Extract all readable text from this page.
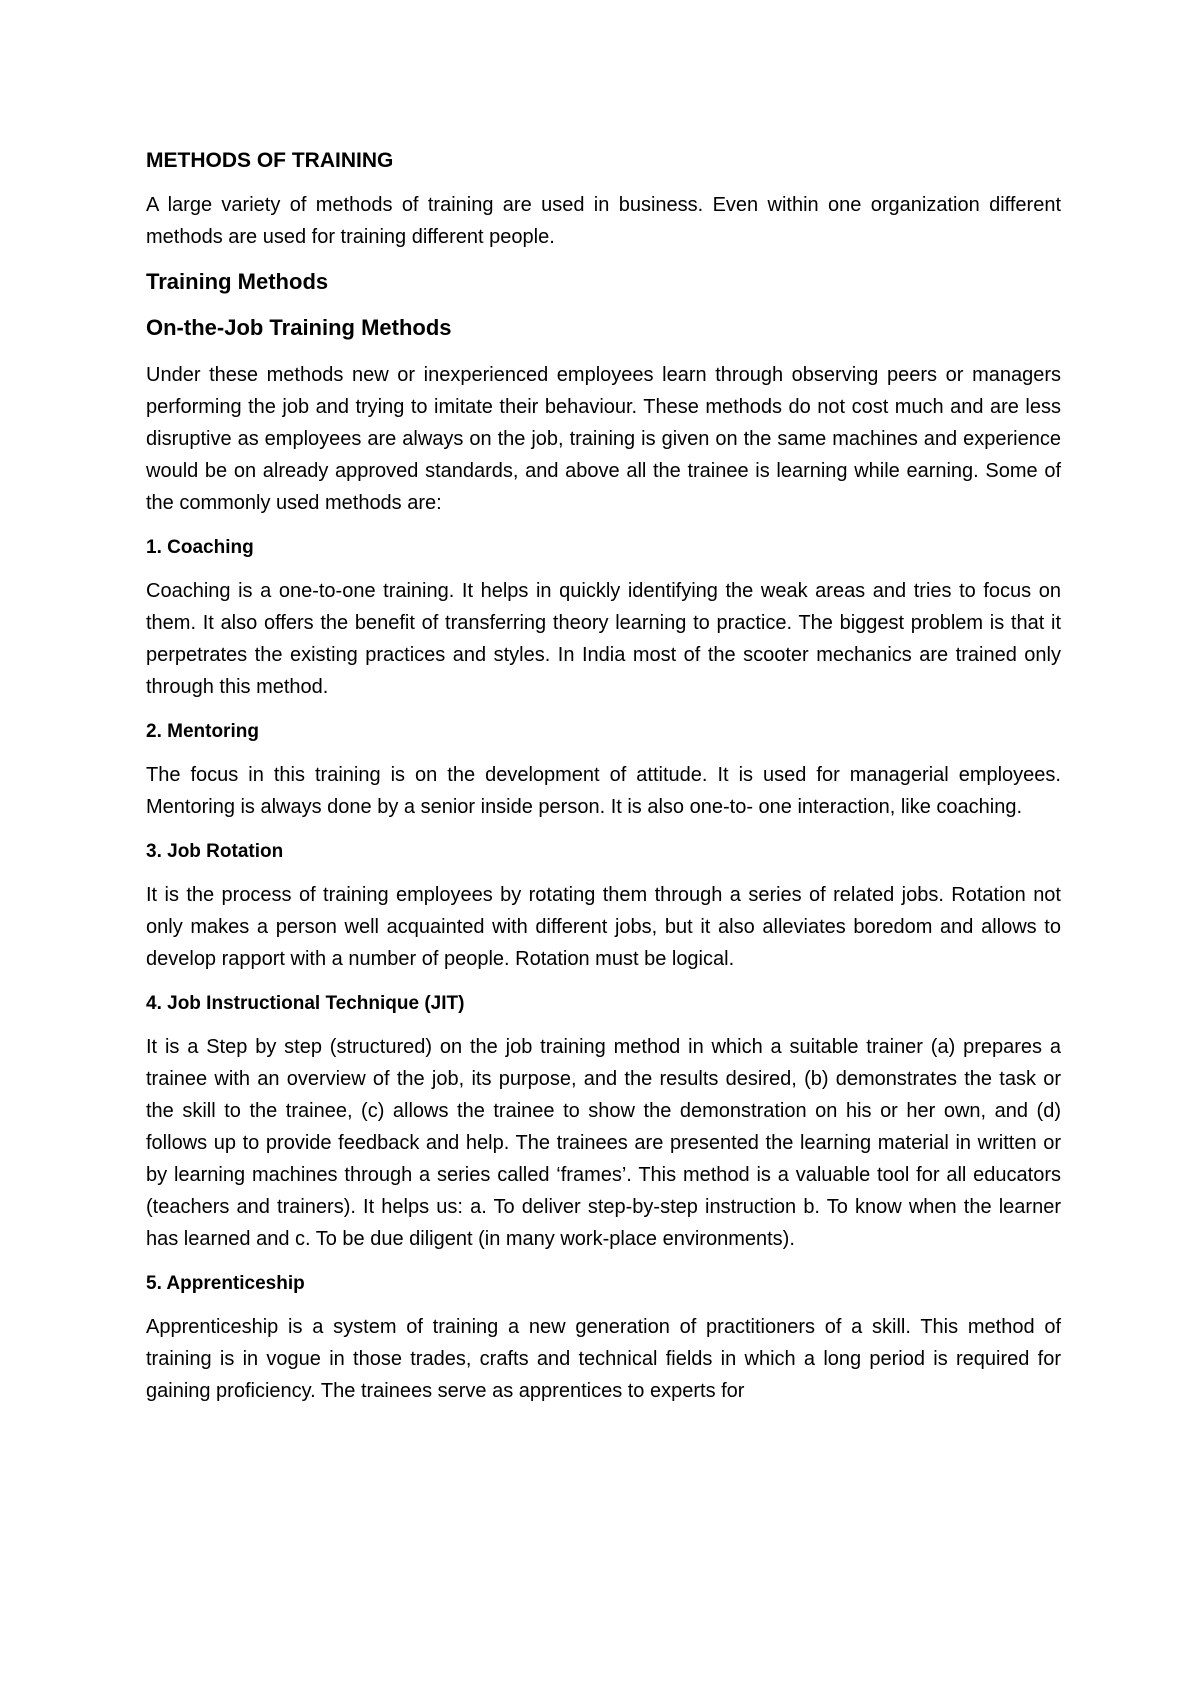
METHODS OF TRAINING

A large variety of methods of training are used in business. Even within one organization different methods are used for training different people.

Training Methods
On-the-Job Training Methods

Under these methods new or inexperienced employees learn through observing peers or managers performing the job and trying to imitate their behaviour. These methods do not cost much and are less disruptive as employees are always on the job, training is given on the same machines and experience would be on already approved standards, and above all the trainee is learning while earning. Some of the commonly used methods are:

1. Coaching

Coaching is a one-to-one training. It helps in quickly identifying the weak areas and tries to focus on them. It also offers the benefit of transferring theory learning to practice. The biggest problem is that it perpetrates the existing practices and styles. In India most of the scooter mechanics are trained only through this method.

2. Mentoring

The focus in this training is on the development of attitude. It is used for managerial employees. Mentoring is always done by a senior inside person. It is also one-to- one interaction, like coaching.

3. Job Rotation

It is the process of training employees by rotating them through a series of related jobs. Rotation not only makes a person well acquainted with different jobs, but it also alleviates boredom and allows to develop rapport with a number of people. Rotation must be logical.

4. Job Instructional Technique (JIT)

It is a Step by step (structured) on the job training method in which a suitable trainer (a) prepares a trainee with an overview of the job, its purpose, and the results desired, (b) demonstrates the task or the skill to the trainee, (c) allows the trainee to show the demonstration on his or her own, and (d) follows up to provide feedback and help. The trainees are presented the learning material in written or by learning machines through a series called ‘frames’. This method is a valuable tool for all educators (teachers and trainers). It helps us: a. To deliver step-by-step instruction b. To know when the learner has learned and c. To be due diligent (in many work-place environments).

5. Apprenticeship

Apprenticeship is a system of training a new generation of practitioners of a skill. This method of training is in vogue in those trades, crafts and technical fields in which a long period is required for gaining proficiency. The trainees serve as apprentices to experts for
